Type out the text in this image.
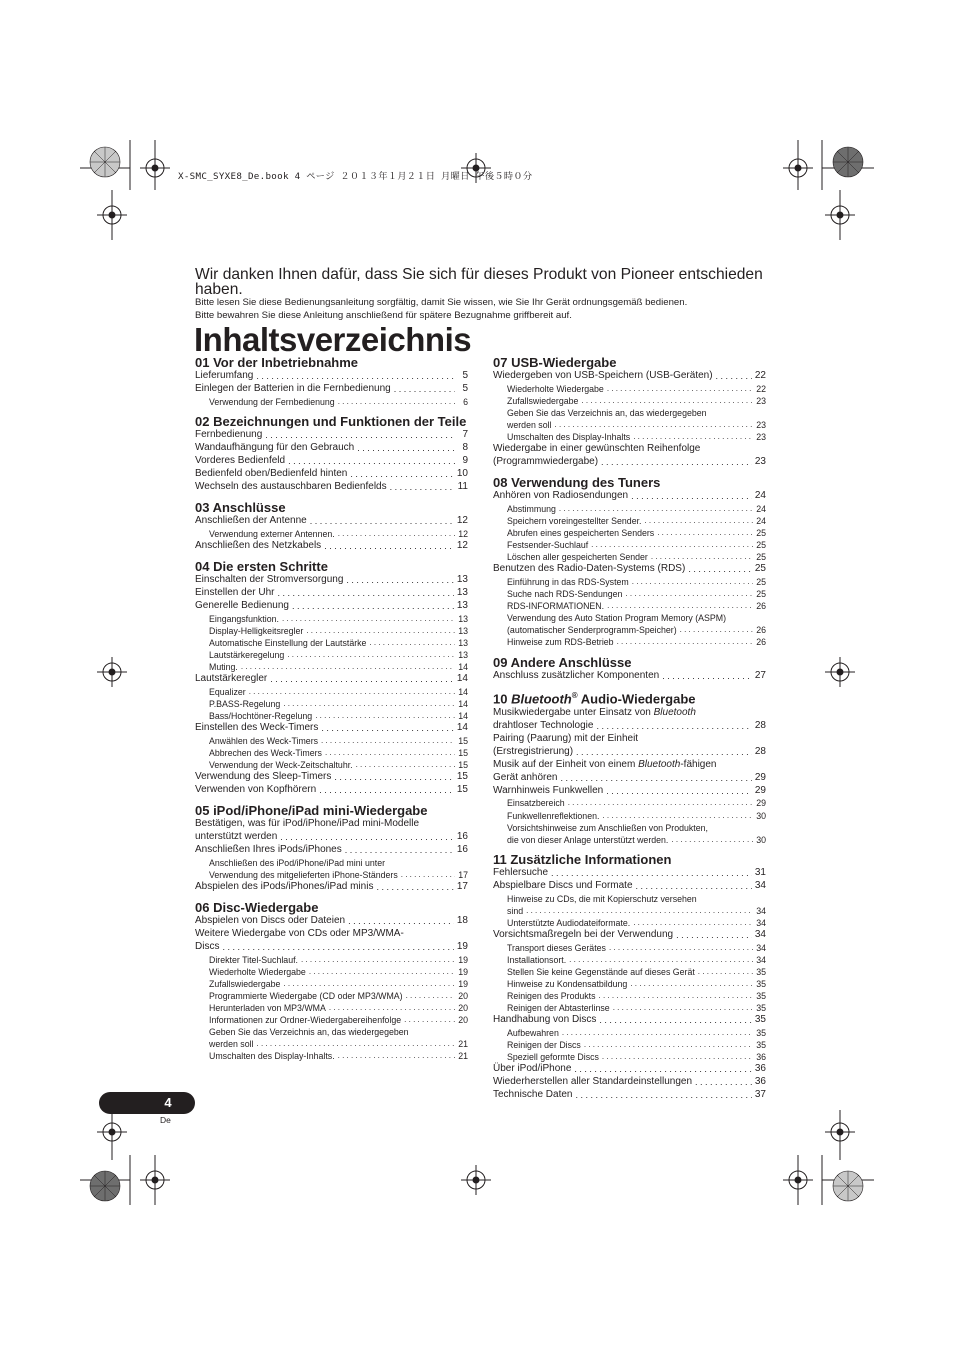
X-SMC_SYXE8_De.book 4 ページ ２０１３年１月２１日 月曜日 午後５時０分
Wir danken Ihnen dafür, dass Sie sich für dieses Produkt von Pioneer entschieden haben.
Bitte lesen Sie diese Bedienungsanleitung sorgfältig, damit Sie wissen, wie Sie Ihr Gerät ordnungsgemäß bedienen.
Bitte bewahren Sie diese Anleitung anschließend für spätere Bezugnahme griffbereit auf.
Inhaltsverzeichnis
01 Vor der Inbetriebnahme
Lieferumfang . . .	5
Einlegen der Batterien in die Fernbedienung . . .	5
Verwendung der Fernbedienung . . .	6
02 Bezeichnungen und Funktionen der Teile
Fernbedienung . . .	7
Wandaufhängung für den Gebrauch . . .	8
Vorderes Bedienfeld . . .	9
Bedienfeld oben/Bedienfeld hinten . . .	10
Wechseln des austauschbaren Bedienfelds . . .	11
03 Anschlüsse
Anschließen der Antenne . . .	12
Verwendung externer Antennen. . . .	12
Anschließen des Netzkabels . . .	12
04 Die ersten Schritte
Einschalten der Stromversorgung . . .	13
Einstellen der Uhr . . .	13
Generelle Bedienung . . .	13
Eingangsfunktion. . . .	13
Display-Helligkeitsregler . . .	13
Automatische Einstellung der Lautstärke . . .	13
Lautstärkeregelung . . .	13
Muting. . . .	14
Lautstärkeregler . . .	14
Equalizer . . .	14
P.BASS-Regelung . . .	14
Bass/Hochtöner-Regelung . . .	14
Einstellen des Weck-Timers . . .	14
Anwählen des Weck-Timers . . .	15
Abbrechen des Weck-Timers . . .	15
Verwendung der Weck-Zeitschaltuhr. . . .	15
Verwendung des Sleep-Timers . . .	15
Verwenden von Kopfhörern . . .	15
05 iPod/iPhone/iPad mini-Wiedergabe
Bestätigen, was für iPod/iPhone/iPad mini-Modelle
unterstützt werden . . .	16
Anschließen Ihres iPods/iPhones . . .	16
Anschließen des iPod/iPhone/iPad mini unter
Verwendung des mitgelieferten iPhone-Ständers . . .	17
Abspielen des iPods/iPhones/iPad minis . . .	17
06 Disc-Wiedergabe
Abspielen von Discs oder Dateien . . .	18
Weitere Wiedergabe von CDs oder MP3/WMA-
Discs . . .	19
Direkter Titel-Suchlauf. . . .	19
Wiederholte Wiedergabe . . .	19
Zufallswiedergabe . . .	19
Programmierte Wiedergabe (CD oder MP3/WMA) . . .	20
Herunterladen von MP3/WMA . . .	20
Informationen zur Ordner-Wiedergabereihenfolge . . .	20
Geben Sie das Verzeichnis an, das wiedergegeben
werden soll . . .	21
Umschalten des Display-Inhalts. . . .	21
07 USB-Wiedergabe
Wiedergeben von USB-Speichern (USB-Geräten) . . .	22
Wiederholte Wiedergabe . . .	22
Zufallswiedergabe . . .	23
Geben Sie das Verzeichnis an, das wiedergegeben
werden soll . . .	23
Umschalten des Display-Inhalts . . .	23
Wiedergabe in einer gewünschten Reihenfolge
(Programmwiedergabe) . . .	23
08 Verwendung des Tuners
Anhören von Radiosendungen . . .	24
Abstimmung . . .	24
Speichern voreingestellter Sender. . . .	24
Abrufen eines gespeicherten Senders . . .	25
Festsender-Suchlauf . . .	25
Löschen aller gespeicherten Sender . . .	25
Benutzen des Radio-Daten-Systems (RDS) . . .	25
Einführung in das RDS-System . . .	25
Suche nach RDS-Sendungen . . .	25
RDS-INFORMATIONEN. . . .	26
Verwendung des Auto Station Program Memory (ASPM)
(automatischer Senderprogramm-Speicher) . . .	26
Hinweise zum RDS-Betrieb . . .	26
09 Andere Anschlüsse
Anschluss zusätzlicher Komponenten . . .	27
10 Bluetooth® Audio-Wiedergabe
Musikwiedergabe unter Einsatz von Bluetooth
drahtloser Technologie . . .	28
Pairing (Paarung) mit der Einheit
(Erstregistrierung) . . .	28
Musik auf der Einheit von einem Bluetooth-fähigen
Gerät anhören . . .	29
Warnhinweis Funkwellen . . .	29
Einsatzbereich . . .	29
Funkwellenreflektionen. . . .	30
Vorsichtshinweise zum Anschließen von Produkten,
die von dieser Anlage unterstützt werden. . . .	30
11 Zusätzliche Informationen
Fehlersuche . . .	31
Abspielbare Discs und Formate . . .	34
Hinweise zu CDs, die mit Kopierschutz versehen
sind . . .	34
Unterstützte Audiodateiformate. . . .	34
Vorsichtsmaßregeln bei der Verwendung . . .	34
Transport dieses Gerätes . . .	34
Installationsort. . . .	34
Stellen Sie keine Gegenstände auf dieses Gerät . . .	35
Hinweise zu Kondensatbildung . . .	35
Reinigen des Produkts . . .	35
Reinigen der Abtasterlinse . . .	35
Handhabung von Discs . . .	35
Aufbewahren . . .	35
Reinigen der Discs . . .	35
Speziell geformte Discs . . .	36
Über iPod/iPhone . . .	36
Wiederherstellen aller Standardeinstellungen . . .	36
Technische Daten . . .	37
4
De
